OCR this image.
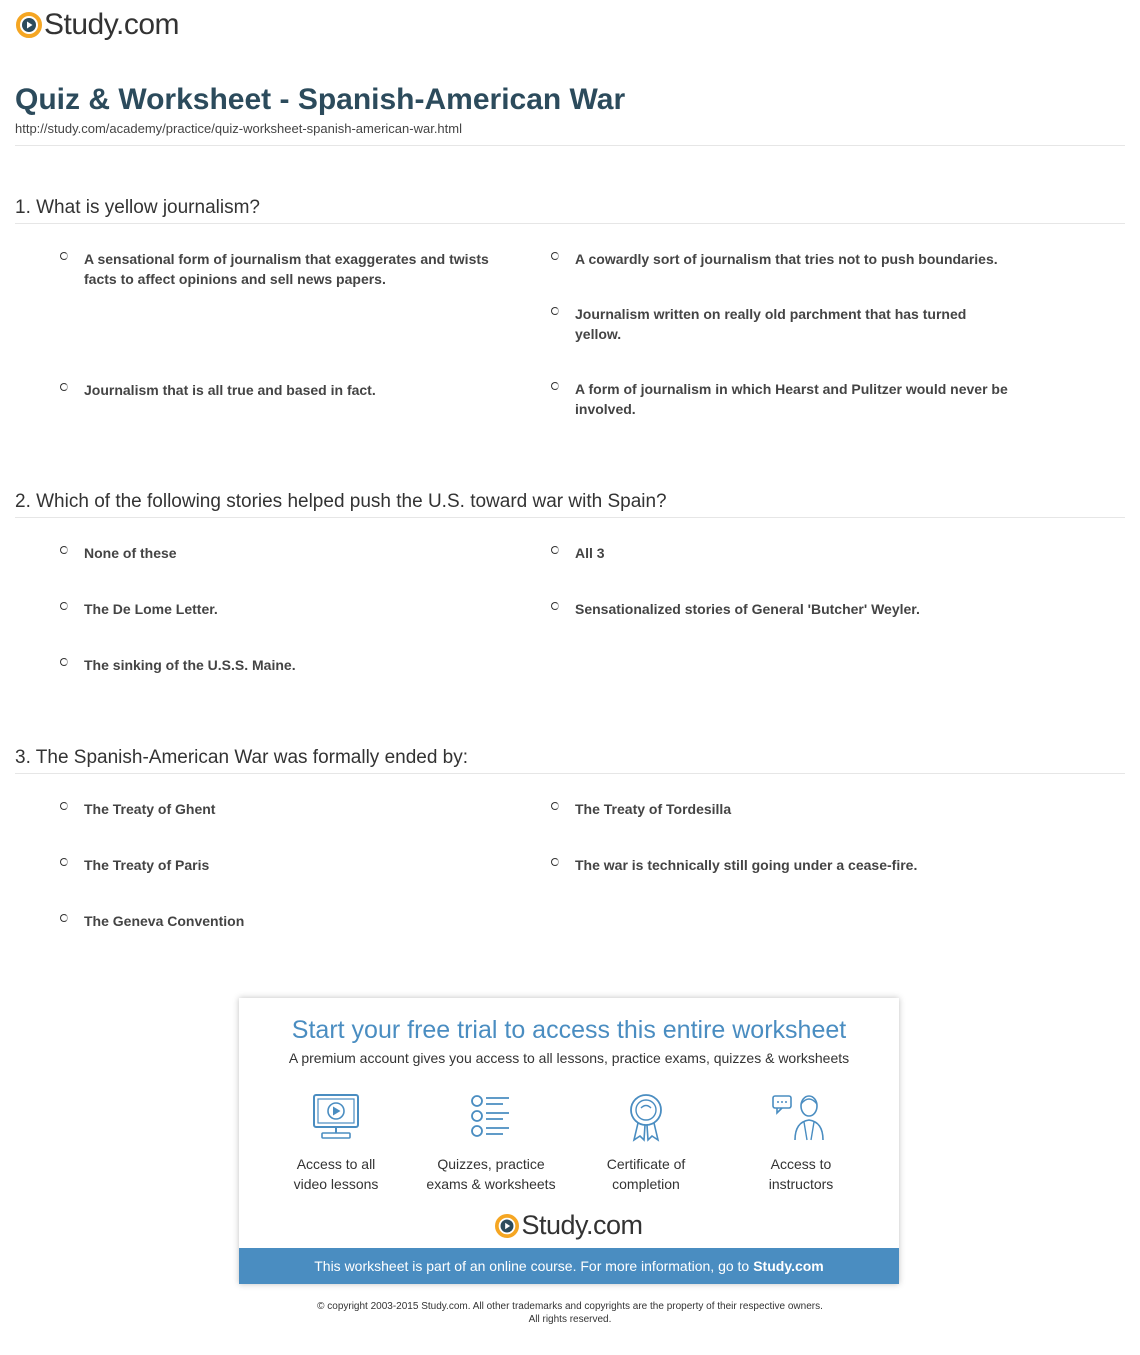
Study.com
Quiz & Worksheet - Spanish-American War
http://study.com/academy/practice/quiz-worksheet-spanish-american-war.html
1. What is yellow journalism?
A sensational form of journalism that exaggerates and twists facts to affect opinions and sell news papers.
A cowardly sort of journalism that tries not to push boundaries.
Journalism written on really old parchment that has turned yellow.
Journalism that is all true and based in fact.	A form of journalism in which Hearst and Pulitzer would never be involved.
2. Which of the following stories helped push the U.S. toward war with Spain?
None of these	All 3
The De Lome Letter.	Sensationalized stories of General 'Butcher' Weyler.
The sinking of the U.S.S. Maine.
3. The Spanish-American War was formally ended by:
The Treaty of Ghent	The Treaty of Tordesilla
The Treaty of Paris	The war is technically still going under a cease-fire.
The Geneva Convention
Start your free trial to access this entire worksheet
A premium account gives you access to all lessons, practice exams, quizzes & worksheets
Access to all
video lessons
Quizzes, practice
exams & worksheets
Certificate of
completion
Access to
instructors
Study.com
This worksheet is part of an online course. For more information, go to Study.com
© copyright 2003-2015 Study.com. All other trademarks and copyrights are the property of their respective owners.
All rights reserved.
